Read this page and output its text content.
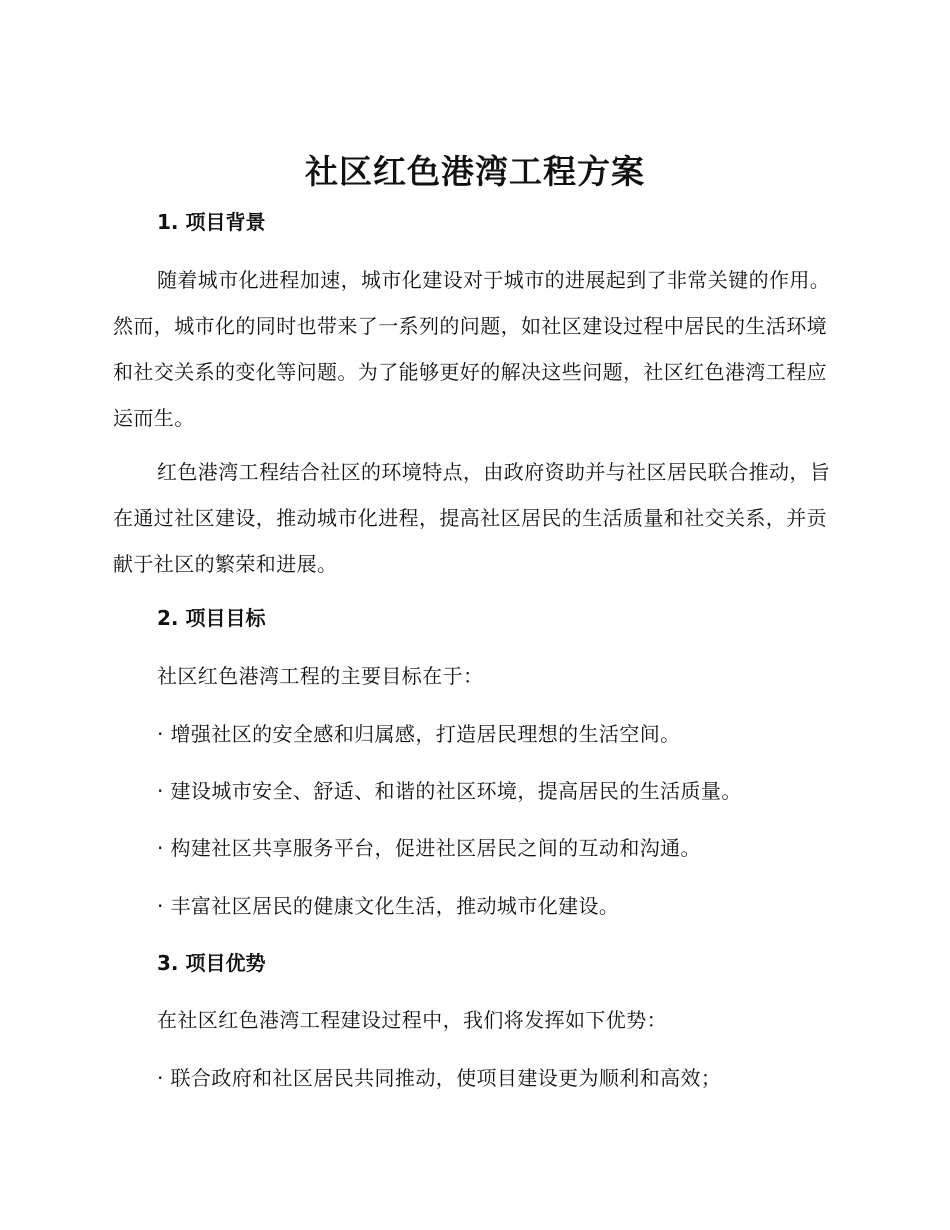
社区红色港湾工程方案
1. 项目背景
随着城市化进程加速，城市化建设对于城市的进展起到了非常关键的作用。然而，城市化的同时也带来了一系列的问题，如社区建设过程中居民的生活环境和社交关系的变化等问题。为了能够更好的解决这些问题，社区红色港湾工程应运而生。
红色港湾工程结合社区的环境特点，由政府资助并与社区居民联合推动，旨在通过社区建设，推动城市化进程，提高社区居民的生活质量和社交关系，并贡献于社区的繁荣和进展。
2. 项目目标
社区红色港湾工程的主要目标在于：
· 增强社区的安全感和归属感，打造居民理想的生活空间。
· 建设城市安全、舒适、和谐的社区环境，提高居民的生活质量。
· 构建社区共享服务平台，促进社区居民之间的互动和沟通。
· 丰富社区居民的健康文化生活，推动城市化建设。
3. 项目优势
在社区红色港湾工程建设过程中，我们将发挥如下优势：
· 联合政府和社区居民共同推动，使项目建设更为顺利和高效；
